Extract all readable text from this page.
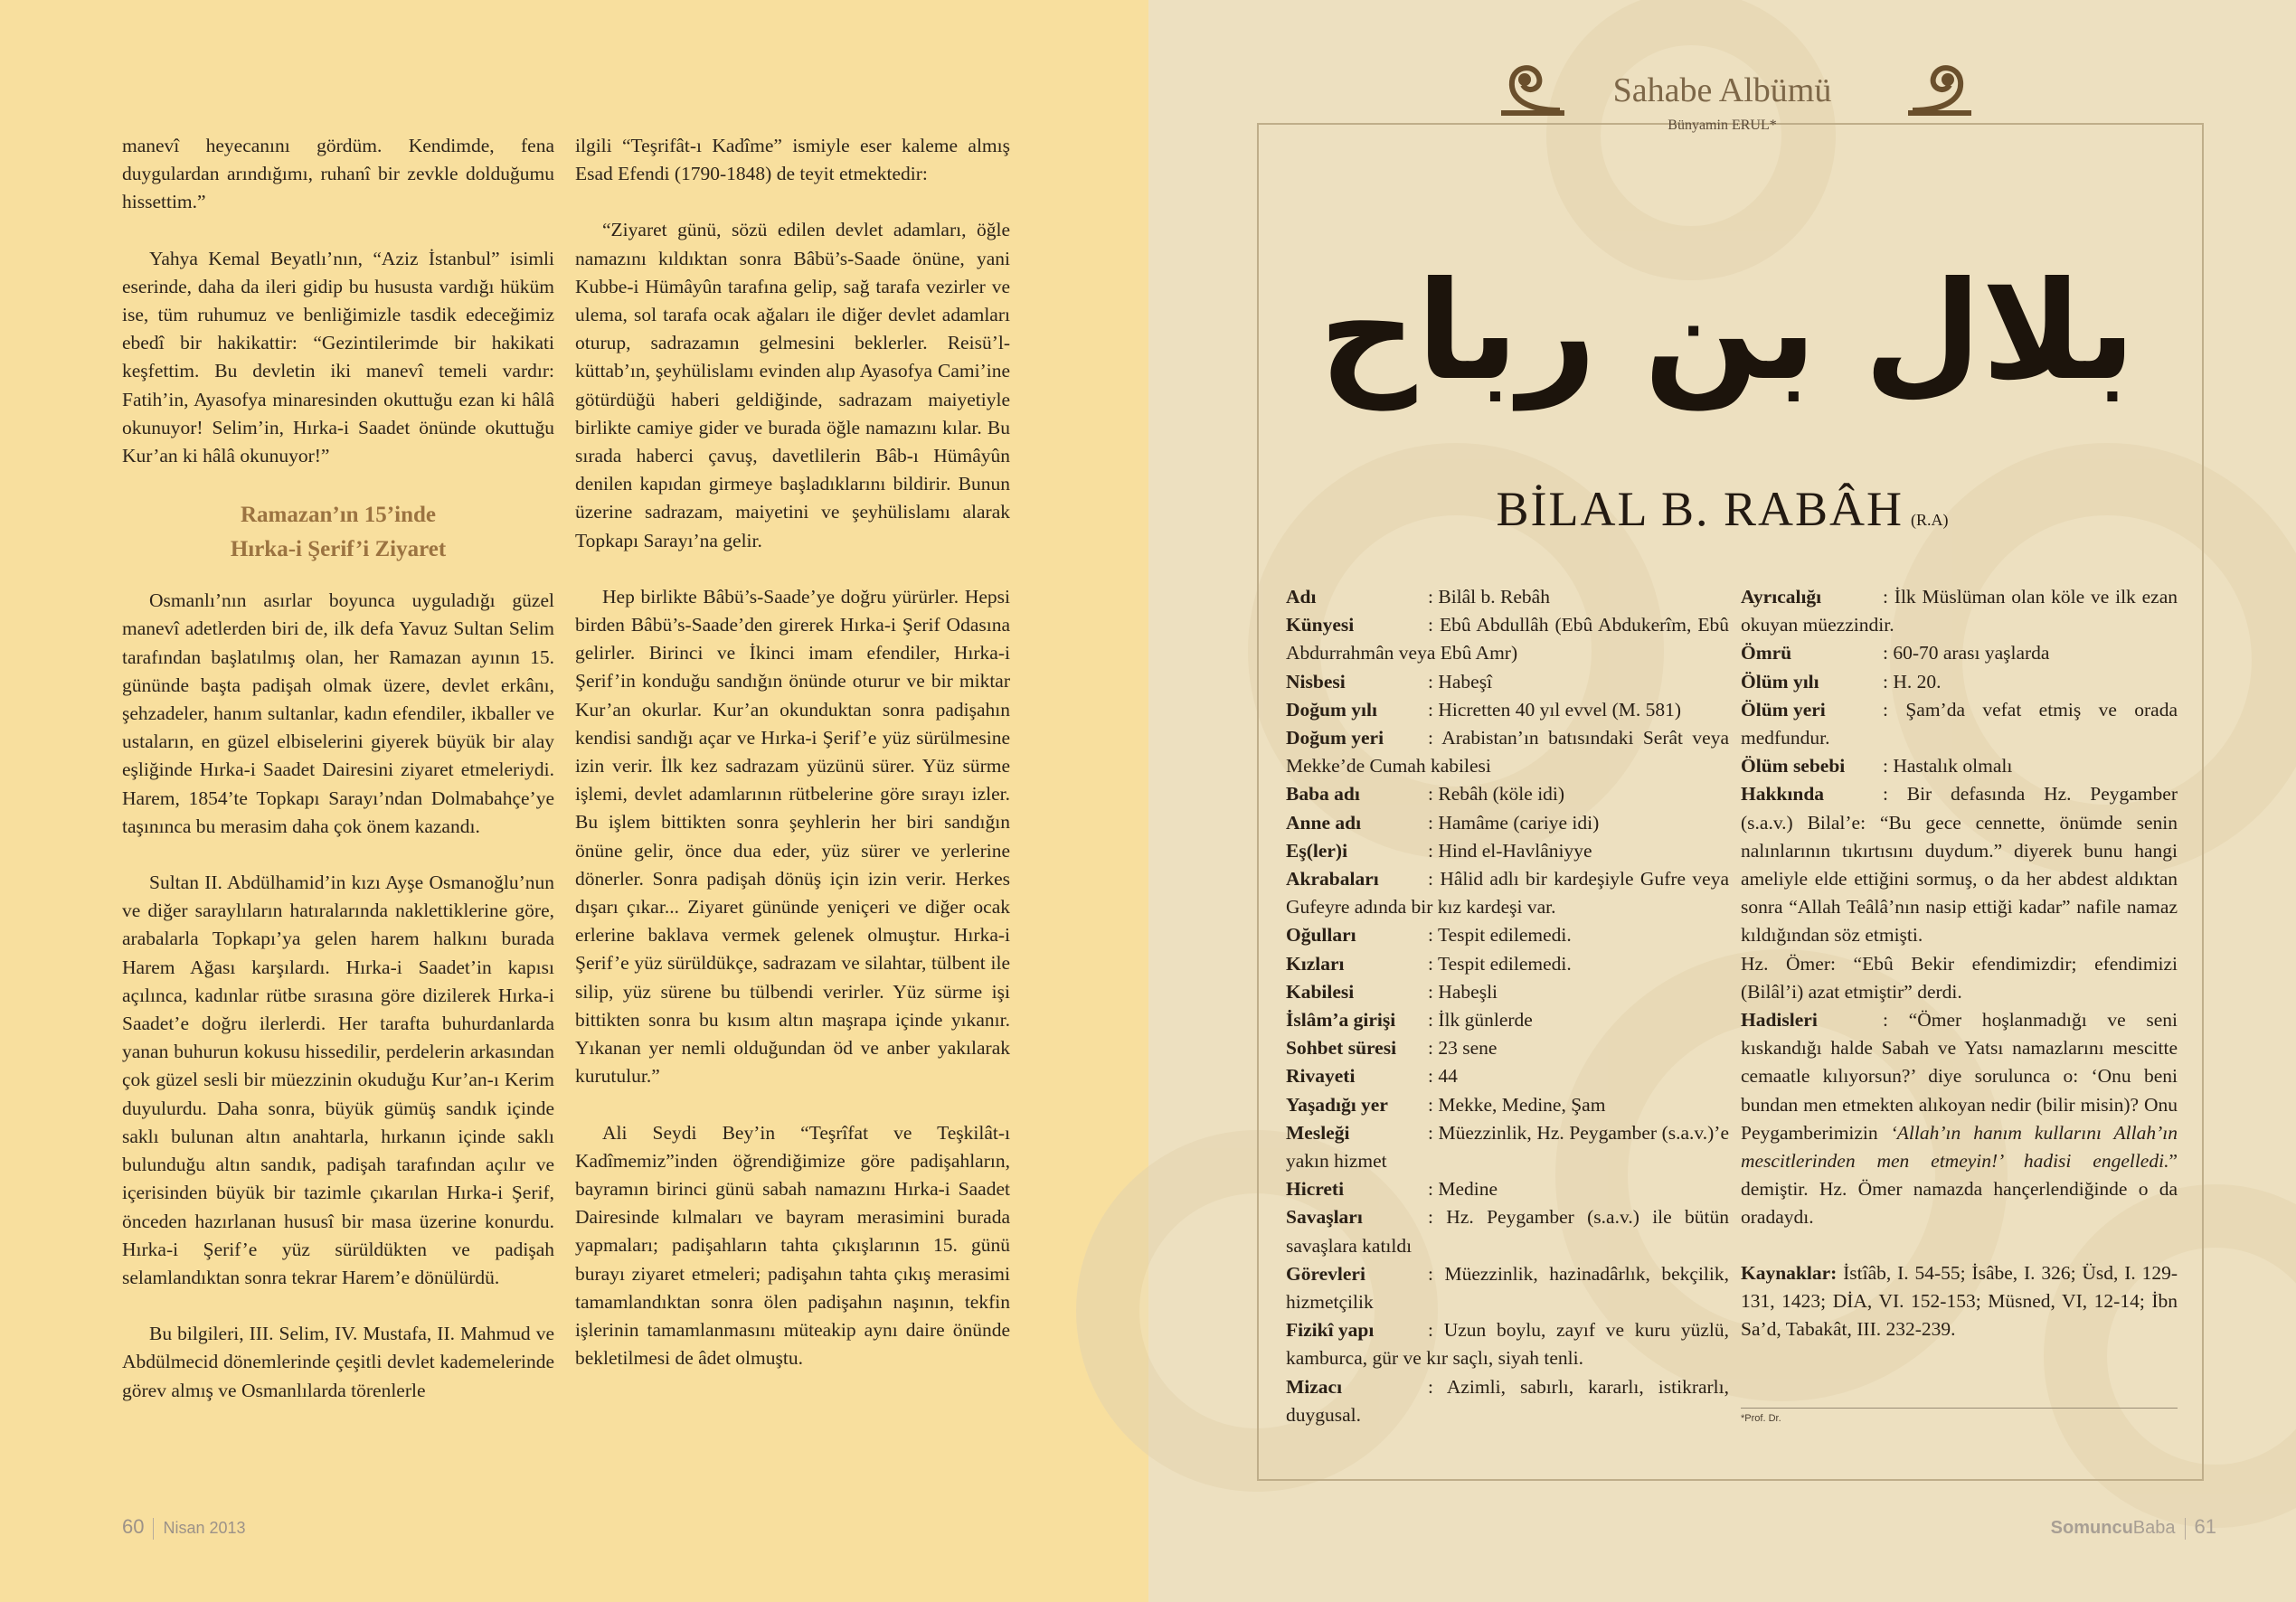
manevî heyecanını gördüm. Kendimde, fena duygulardan arındığımı, ruhanî bir zevkle dolduğumu hissettim.”

Yahya Kemal Beyatlı’nın, “Aziz İstanbul” isimli eserinde, daha da ileri gidip bu hususta vardığı hüküm ise, tüm ruhumuz ve benliğimizle tasdik edeceğimiz ebedî bir hakikattir: “Gezintilerimde bir hakikati keşfettim. Bu devletin iki manevî temeli vardır: Fatih’in, Ayasofya minaresinden okuttuğu ezan ki hâlâ okunuyor! Selim’in, Hırka-i Saadet önünde okuttuğu Kur’an ki hâlâ okunuyor!”

Ramazan’ın 15’inde
Hırka-i Şerif’i Ziyaret

Osmanlı’nın asırlar boyunca uyguladığı güzel manevî adetlerden biri de, ilk defa Yavuz Sultan Selim tarafından başlatılmış olan, her Ramazan ayının 15. gününde başta padişah olmak üzere, devlet erkânı, şehzadeler, hanım sultanlar, kadın efendiler, ikballer ve ustaların, en güzel elbiselerini giyerek büyük bir alay eşliğinde Hırka-i Saadet Dairesini ziyaret etmeleriydi. Harem, 1854’te Topkapı Sarayı’ndan Dolmabahçe’ye taşınınca bu merasim daha çok önem kazandı.

Sultan II. Abdülhamid’in kızı Ayşe Osmanoğlu’nun ve diğer saraylıların hatıralarında naklettiklerine göre, arabalarla Topkapı’ya gelen harem halkını burada Harem Ağası karşılardı. Hırka-i Saadet’in kapısı açılınca, kadınlar rütbe sırasına göre dizilerek Hırka-i Saadet’e doğru ilerlerdi. Her tarafta buhurdanlarda yanan buhurun kokusu hissedilir, perdelerin arkasından çok güzel sesli bir müezzinin okuduğu Kur’an-ı Kerim duyulurdu. Daha sonra, büyük gümüş sandık içinde saklı bulunan altın anahtarla, hırkanın içinde saklı bulunduğu altın sandık, padişah tarafından açılır ve içerisinden büyük bir tazimle çıkarılan Hırka-i Şerif, önceden hazırlanan hususî bir masa üzerine konurdu. Hırka-i Şerif’e yüz sürüldükten ve padişah selamlandıktan sonra tekrar Harem’e dönülürdü.

Bu bilgileri, III. Selim, IV. Mustafa, II. Mahmud ve Abdülmecid dönemlerinde çeşitli devlet kademelerinde görev almış ve Osmanlılarda törenlerle

ilgili “Teşrifât-ı Kadîme” ismiyle eser kaleme almış Esad Efendi (1790-1848) de teyit etmektedir:

“Ziyaret günü, sözü edilen devlet adamları, öğle namazını kıldıktan sonra Bâbü’s-Saade önüne, yani Kubbe-i Hümâyûn tarafına gelip, sağ tarafa vezirler ve ulema, sol tarafa ocak ağaları ile diğer devlet adamları oturup, sadrazamın gelmesini beklerler. Reisü’l-küttab’ın, şeyhülislamı evinden alıp Ayasofya Cami’ine götürdüğü haberi geldiğinde, sadrazam maiyetiyle birlikte camiye gider ve burada öğle namazını kılar. Bu sırada haberci çavuş, davetlilerin Bâb-ı Hümâyûn denilen kapıdan girmeye başladıklarını bildirir. Bunun üzerine sadrazam, maiyetini ve şeyhülislamı alarak Topkapı Sarayı’na gelir.

Hep birlikte Bâbü’s-Saade’ye doğru yürürler. Hepsi birden Bâbü’s-Saade’den girerek Hırka-i Şerif Odasına gelirler. Birinci ve İkinci imam efendiler, Hırka-i Şerif’in konduğu sandığın önünde oturur ve bir miktar Kur’an okurlar. Kur’an okunduktan sonra padişahın kendisi sandığı açar ve Hırka-i Şerif’e yüz sürülmesine izin verir. İlk kez sadrazam yüzünü sürer. Yüz sürme işlemi, devlet adamlarının rütbelerine göre sırayı izler. Bu işlem bittikten sonra şeyhlerin her biri sandığın önüne gelir, önce dua eder, yüz sürer ve yerlerine dönerler. Sonra padişah dönüş için izin verir. Herkes dışarı çıkar... Ziyaret gününde yeniçeri ve diğer ocak erlerine baklava vermek gelenek olmuştur. Hırka-i Şerif’e yüz sürüldükçe, sadrazam ve silahtar, tülbent ile silip, yüz sürene bu tülbendi verirler. Yüz sürme işi bittikten sonra bu kısım altın maşrapa içinde yıkanır. Yıkanan yer nemli olduğundan öd ve anber yakılarak kurutulur.”

Ali Seydi Bey’in “Teşrîfat ve Teşkilât-ı Kadîmemiz”inden öğrendiğimize göre padişahların, bayramın birinci günü sabah namazını Hırka-i Saadet Dairesinde kılmaları ve bayram merasimini burada yapmaları; padişahların tahta çıkışlarının 15. günü burayı ziyaret etmeleri; padişahın tahta çıkış merasimi tamamlandıktan sonra ölen padişahın naşının, tekfin işlerinin tamamlanmasını müteakip aynı daire önünde bekletilmesi de âdet olmuştu.

60 Nisan 2013
Sahabe Albümü
Bünyamin ERUL*
بلال بن رباح
BİLAL B. RABÂH (R.A)
Adı	: Bilâl b. Rebâh
Künyesi	: Ebû Abdullâh (Ebû Abdukerîm, Ebû Abdurrahmân veya Ebû Amr)
Nisbesi	: Habeşî
Doğum yılı	: Hicretten 40 yıl evvel (M. 581)
Doğum yeri : Arabistan’ın batısındaki Serât veya Mekke’de Cumah kabilesi
Baba adı	: Rebâh (köle idi)
Anne adı	: Hamâme (cariye idi)
Eş(ler)i	: Hind el-Havlâniyye
Akrabaları	: Hâlid adlı bir kardeşiyle Gufre veya Gufeyre adında bir kız kardeşi var.
Oğulları	: Tespit edilemedi.
Kızları	: Tespit edilemedi.
Kabilesi	: Habeşli
İslâm’a girişi : İlk günlerde
Sohbet süresi : 23 sene
Rivayeti	: 44
Yaşadığı yer : Mekke, Medine, Şam
Mesleği	: Müezzinlik, Hz. Peygamber (s.a.v.)’e yakın hizmet
Hicreti	: Medine
Savaşları	: Hz. Peygamber (s.a.v.) ile bütün savaşlara katıldı
Görevleri	: Müezzinlik, hazinadârlık, bekçilik, hizmetçilik
Fizikî yapı	: Uzun boylu, zayıf ve kuru yüzlü, kamburca, gür ve kır saçlı, siyah tenli.
Mizacı	: Azimli, sabırlı, kararlı, istikrarlı, duygusal.
Ayrıcalığı	: İlk Müslüman olan köle ve ilk ezan okuyan müezzindir.
Ömrü	: 60-70 arası yaşlarda
Ölüm yılı	: H. 20.
Ölüm yeri	: Şam’da vefat etmiş ve orada medfundur.
Ölüm sebebi : Hastalık olmalı
Hakkında	: Bir defasında Hz. Peygamber (s.a.v.) Bilal’e: “Bu gece cennette, önümde senin nalınlarının tıkırtısını duydum.” diyerek bunu hangi ameliyle elde ettiğini sormuş, o da her abdest aldıktan sonra “Allah Teâlâ’nın nasip ettiği kadar” nafile namaz kıldığından söz etmişti.
Hz. Ömer: “Ebû Bekir efendimizdir; efendimizi (Bilâl’i) azat etmiştir” derdi.
Hadisleri	: “Ömer hoşlanmadığı ve seni kıskandığı halde Sabah ve Yatsı namazlarını mescitte cemaatle kılıyorsun?’ diye sorulunca o: ‘Onu beni bundan men etmekten alıkoyan nedir (bilir misin)? Onu Peygamberimizin ‘Allah’ın hanım kullarını Allah’ın mescitlerinden men etmeyin!’ hadisi engelledi.” demiştir. Hz. Ömer namazda hançerlendiğinde o da oradaydı.
Kaynaklar: İstîâb, I. 54-55; İsâbe, I. 326; Üsd, I. 129-131, 1423; DİA, VI. 152-153; Müsned, VI, 12-14; İbn Sa’d, Tabakât, III. 232-239.
*Prof. Dr.
SomuncuBaba 61
